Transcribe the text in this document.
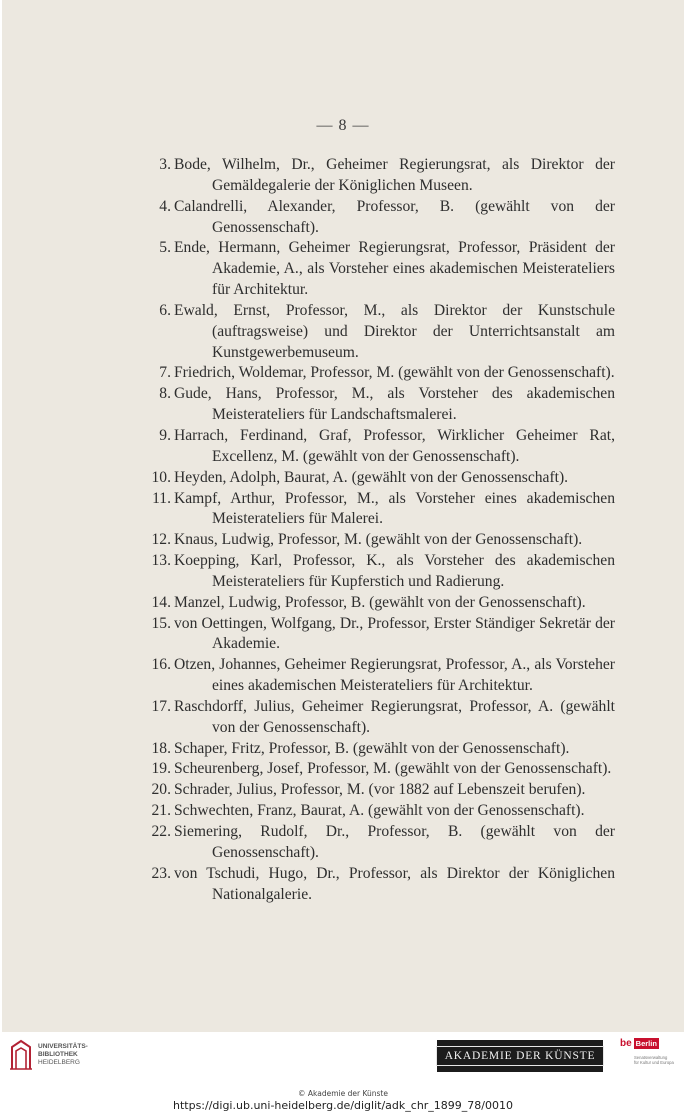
— 8 —
3. Bode, Wilhelm, Dr., Geheimer Regierungsrat, als Direktor der Gemäldegalerie der Königlichen Museen.
4. Calandrelli, Alexander, Professor, B. (gewählt von der Genossenschaft).
5. Ende, Hermann, Geheimer Regierungsrat, Professor, Präsident der Akademie, A., als Vorsteher eines akademischen Meisterateliers für Architektur.
6. Ewald, Ernst, Professor, M., als Direktor der Kunstschule (auftragsweise) und Direktor der Unterrichtsanstalt am Kunstgewerbemuseum.
7. Friedrich, Woldemar, Professor, M. (gewählt von der Genossenschaft).
8. Gude, Hans, Professor, M., als Vorsteher des akademischen Meisterateliers für Landschaftsmalerei.
9. Harrach, Ferdinand, Graf, Professor, Wirklicher Geheimer Rat, Excellenz, M. (gewählt von der Genossenschaft).
10. Heyden, Adolph, Baurat, A. (gewählt von der Genossenschaft).
11. Kampf, Arthur, Professor, M., als Vorsteher eines akademischen Meisterateliers für Malerei.
12. Knaus, Ludwig, Professor, M. (gewählt von der Genossenschaft).
13. Koepping, Karl, Professor, K., als Vorsteher des akademischen Meisterateliers für Kupferstich und Radierung.
14. Manzel, Ludwig, Professor, B. (gewählt von der Genossenschaft).
15. von Oettingen, Wolfgang, Dr., Professor, Erster Ständiger Sekretär der Akademie.
16. Otzen, Johannes, Geheimer Regierungsrat, Professor, A., als Vorsteher eines akademischen Meisterateliers für Architektur.
17. Raschdorff, Julius, Geheimer Regierungsrat, Professor, A. (gewählt von der Genossenschaft).
18. Schaper, Fritz, Professor, B. (gewählt von der Genossenschaft).
19. Scheurenberg, Josef, Professor, M. (gewählt von der Genossenschaft).
20. Schrader, Julius, Professor, M. (vor 1882 auf Lebenszeit berufen).
21. Schwechten, Franz, Baurat, A. (gewählt von der Genossenschaft).
22. Siemering, Rudolf, Dr., Professor, B. (gewählt von der Genossenschaft).
23. von Tschudi, Hugo, Dr., Professor, als Direktor der Königlichen Nationalgalerie.
UNIVERSITÄTS-
BIBLIOTHEK
HEIDELBERG
AKADEMIE DER KÜNSTE
be Berlin
Senatsverwaltung
für Kultur und Europa
© Akademie der Künste
https://digi.ub.uni-heidelberg.de/diglit/adk_chr_1899_78/0010
